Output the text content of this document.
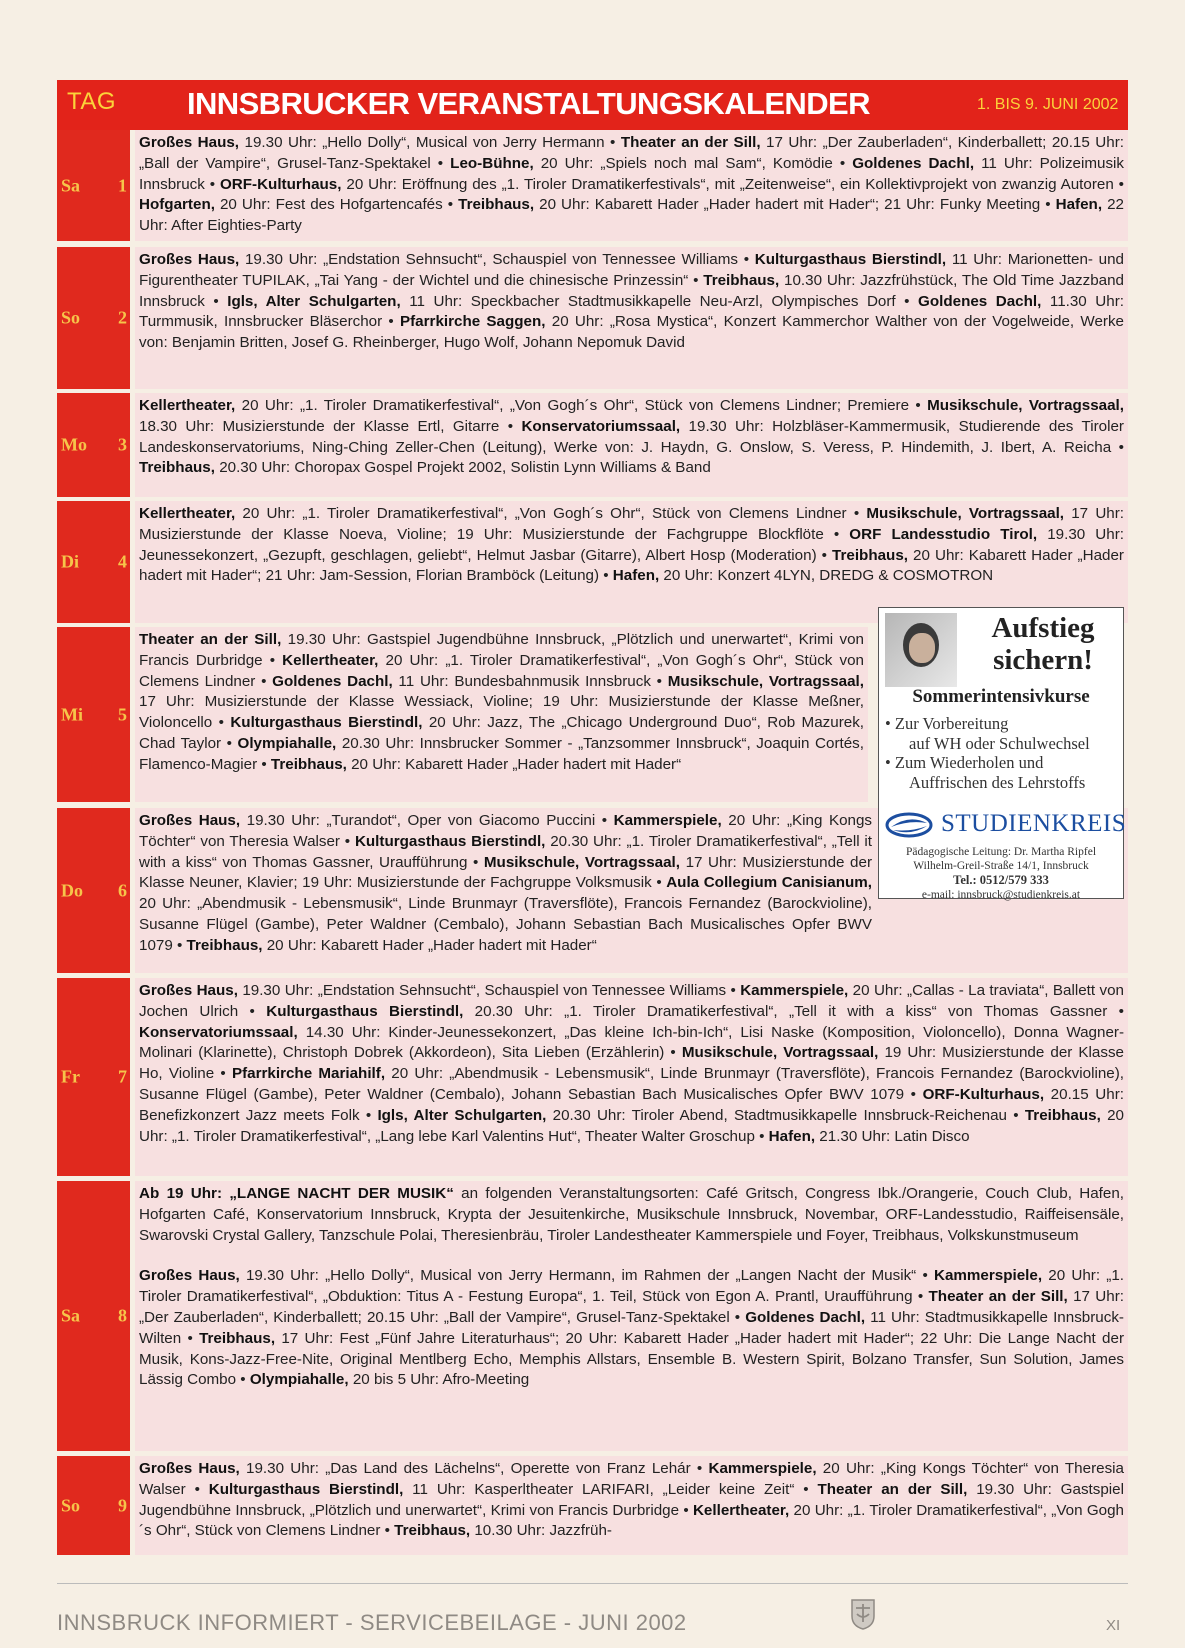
TAG INNSBRUCKER VERANSTALTUNGSKALENDER	1. BIS 9. JUNI 2002
Sa 1

Großes Haus, 19.30 Uhr: „Hello Dolly“, Musical von Jerry Hermann • Theater an der Sill, 17 Uhr: „Der Zauberladen“, Kinderballett; 20.15 Uhr: „Ball der Vampire“, Grusel-Tanz-Spektakel • Leo-Bühne, 20 Uhr: „Spiels noch mal Sam“, Komödie • Goldenes Dachl, 11 Uhr: Polizeimusik Innsbruck • ORF-Kulturhaus, 20 Uhr: Eröffnung des „1. Tiroler Dramatikerfestivals“, mit „Zeitenweise“, ein Kollektivprojekt von zwanzig Autoren • Hofgarten, 20 Uhr: Fest des Hofgartencafés • Treibhaus, 20 Uhr: Kabarett Hader „Hader hadert mit Hader“; 21 Uhr: Funky Meeting • Hafen, 22 Uhr: After Eighties-Party

So 2

Großes Haus, 19.30 Uhr: „Endstation Sehnsucht“, Schauspiel von Tennessee Williams • Kulturgasthaus Bierstindl, 11 Uhr: Marionetten- und Figurentheater TUPILAK, „Tai Yang - der Wichtel und die chinesische Prinzessin“ • Treibhaus, 10.30 Uhr: Jazzfrühstück, The Old Time Jazzband Innsbruck • Igls, Alter Schulgarten, 11 Uhr: Speckbacher Stadtmusikkapelle Neu-Arzl, Olympisches Dorf • Goldenes Dachl, 11.30 Uhr: Turmmusik, Innsbrucker Bläserchor • Pfarrkirche Saggen, 20 Uhr: „Rosa Mystica“, Konzert Kammerchor Walther von der Vogelweide, Werke von: Benjamin Britten, Josef G. Rheinberger, Hugo Wolf, Johann Nepomuk David

Mo 3

Kellertheater, 20 Uhr: „1. Tiroler Dramatikerfestival“, „Von Gogh´s Ohr“, Stück von Clemens Lindner; Premiere • Musikschule, Vortragssaal, 18.30 Uhr: Musizierstunde der Klasse Ertl, Gitarre • Konservatoriumssaal, 19.30 Uhr: Holzbläser-Kammermusik, Studierende des Tiroler Landeskonservatoriums, Ning-Ching Zeller-Chen (Leitung), Werke von: J. Haydn, G. Onslow, S. Veress, P. Hindemith, J. Ibert, A. Reicha • Treibhaus, 20.30 Uhr: Choropax Gospel Projekt 2002, Solistin Lynn Williams & Band

Di 4

Kellertheater, 20 Uhr: „1. Tiroler Dramatikerfestival“, „Von Gogh´s Ohr“, Stück von Clemens Lindner • Musikschule, Vortragssaal, 17 Uhr: Musizierstunde der Klasse Noeva, Violine; 19 Uhr: Musizierstunde der Fachgruppe Blockflöte • ORF Landesstudio Tirol, 19.30 Uhr: Jeunessekonzert, „Gezupft, geschlagen, geliebt“, Helmut Jasbar (Gitarre), Albert Hosp (Moderation) • Treibhaus, 20 Uhr: Kabarett Hader „Hader hadert mit Hader“; 21 Uhr: Jam-Session, Florian Bramböck (Leitung) • Hafen, 20 Uhr: Konzert 4LYN, DREDG & COSMOTRON

Mi 5

Theater an der Sill, 19.30 Uhr: Gastspiel Jugendbühne Innsbruck, „Plötzlich und unerwartet“, Krimi von Francis Durbridge • Kellertheater, 20 Uhr: „1. Tiroler Dramatikerfestival“, „Von Gogh´s Ohr“, Stück von Clemens Lindner • Goldenes Dachl, 11 Uhr: Bundesbahnmusik Innsbruck • Musikschule, Vortragssaal, 17 Uhr: Musizierstunde der Klasse Wessiack, Violine; 19 Uhr: Musizierstunde der Klasse Meßner, Violoncello • Kulturgasthaus Bierstindl, 20 Uhr: Jazz, The „Chicago Underground Duo“, Rob Mazurek, Chad Taylor • Olympiahalle, 20.30 Uhr: Innsbrucker Sommer - „Tanzsommer Innsbruck“, Joaquin Cortés, Flamenco-Magier • Treibhaus, 20 Uhr: Kabarett Hader „Hader hadert mit Hader“

Do 6

Großes Haus, 19.30 Uhr: „Turandot“, Oper von Giacomo Puccini • Kammerspiele, 20 Uhr: „King Kongs Töchter“ von Theresia Walser • Kulturgasthaus Bierstindl, 20.30 Uhr: „1. Tiroler Dramatikerfestival“, „Tell it with a kiss“ von Thomas Gassner, Uraufführung • Musikschule, Vortragssaal, 17 Uhr: Musizierstunde der Klasse Neuner, Klavier; 19 Uhr: Musizierstunde der Fachgruppe Volksmusik • Aula Collegium Canisianum, 20 Uhr: „Abendmusik - Lebensmusik“, Linde Brunmayr (Traversflöte), Francois Fernandez (Barockvioline), Susanne Flügel (Gambe), Peter Waldner (Cembalo), Johann Sebastian Bach Musicalisches Opfer BWV 1079 • Treibhaus, 20 Uhr: Kabarett Hader „Hader hadert mit Hader“

Fr 7

Großes Haus, 19.30 Uhr: „Endstation Sehnsucht“, Schauspiel von Tennessee Williams • Kammerspiele, 20 Uhr: „Callas - La traviata“, Ballett von Jochen Ulrich • Kulturgasthaus Bierstindl, 20.30 Uhr: „1. Tiroler Dramatikerfestival“, „Tell it with a kiss“ von Thomas Gassner • Konservatoriumssaal, 14.30 Uhr: Kinder-Jeunessekonzert, „Das kleine Ich-bin-Ich“, Lisi Naske (Komposition, Violoncello), Donna Wagner-Molinari (Klarinette), Christoph Dobrek (Akkordeon), Sita Lieben (Erzählerin) • Musikschule, Vortragssaal, 19 Uhr: Musizierstunde der Klasse Ho, Violine • Pfarrkirche Mariahilf, 20 Uhr: „Abendmusik - Lebensmusik“, Linde Brunmayr (Traversflöte), Francois Fernandez (Barockvioline), Susanne Flügel (Gambe), Peter Waldner (Cembalo), Johann Sebastian Bach Musicalisches Opfer BWV 1079 • ORF-Kulturhaus, 20.15 Uhr: Benefizkonzert Jazz meets Folk • Igls, Alter Schulgarten, 20.30 Uhr: Tiroler Abend, Stadtmusikkapelle Innsbruck-Reichenau • Treibhaus, 20 Uhr: „1. Tiroler Dramatikerfestival“, „Lang lebe Karl Valentins Hut“, Theater Walter Groschup • Hafen, 21.30 Uhr: Latin Disco

Sa 8

Ab 19 Uhr: „LANGE NACHT DER MUSIK“ an folgenden Veranstaltungsorten: Café Gritsch, Congress Ibk./Orangerie, Couch Club, Hafen, Hofgarten Café, Konservatorium Innsbruck, Krypta der Jesuitenkirche, Musikschule Innsbruck, Novembar, ORF-Landesstudio, Raiffeisensäle, Swarovski Crystal Gallery, Tanzschule Polai, Theresienbräu, Tiroler Landestheater Kammerspiele und Foyer, Treibhaus, Volkskunstmuseum

Großes Haus, 19.30 Uhr: „Hello Dolly“, Musical von Jerry Hermann, im Rahmen der „Langen Nacht der Musik“ • Kammerspiele, 20 Uhr: „1. Tiroler Dramatikerfestival“, „Obduktion: Titus A - Festung Europa“, 1. Teil, Stück von Egon A. Prantl, Uraufführung • Theater an der Sill, 17 Uhr: „Der Zauberladen“, Kinderballett; 20.15 Uhr: „Ball der Vampire“, Grusel-Tanz-Spektakel • Goldenes Dachl, 11 Uhr: Stadtmusikkapelle Innsbruck-Wilten • Treibhaus, 17 Uhr: Fest „Fünf Jahre Literaturhaus“; 20 Uhr: Kabarett Hader „Hader hadert mit Hader“; 22 Uhr: Die Lange Nacht der Musik, Kons-Jazz-Free-Nite, Original Mentlberg Echo, Memphis Allstars, Ensemble B. Western Spirit, Bolzano Transfer, Sun Solution, James Lässig Combo • Olympiahalle, 20 bis 5 Uhr: Afro-Meeting

So 9

Großes Haus, 19.30 Uhr: „Das Land des Lächelns“, Operette von Franz Lehár • Kammerspiele, 20 Uhr: „King Kongs Töchter“ von Theresia Walser • Kulturgasthaus Bierstindl, 11 Uhr: Kasperltheater LARIFARI, „Leider keine Zeit“ • Theater an der Sill, 19.30 Uhr: Gastspiel Jugendbühne Innsbruck, „Plötzlich und unerwartet“, Krimi von Francis Durbridge • Kellertheater, 20 Uhr: „1. Tiroler Dramatikerfestival“, „Von Gogh´s Ohr“, Stück von Clemens Lindner • Treibhaus, 10.30 Uhr: Jazzfrüh-

Aufstieg
sichern!
Sommerintensivkurse
• Zur Vorbereitung
auf WH oder Schulwechsel
• Zum Wiederholen und
Auffrischen des Lehrstoffs
STUDIENKREIS
Pädagogische Leitung: Dr. Martha Ripfel
Wilhelm-Greil-Straße 14/1, Innsbruck
Tel.: 0512/579 333
e-mail: innsbruck@studienkreis.at
INNSBRUCK INFORMIERT - SERVICEBEILAGE - JUNI 2002	XI
